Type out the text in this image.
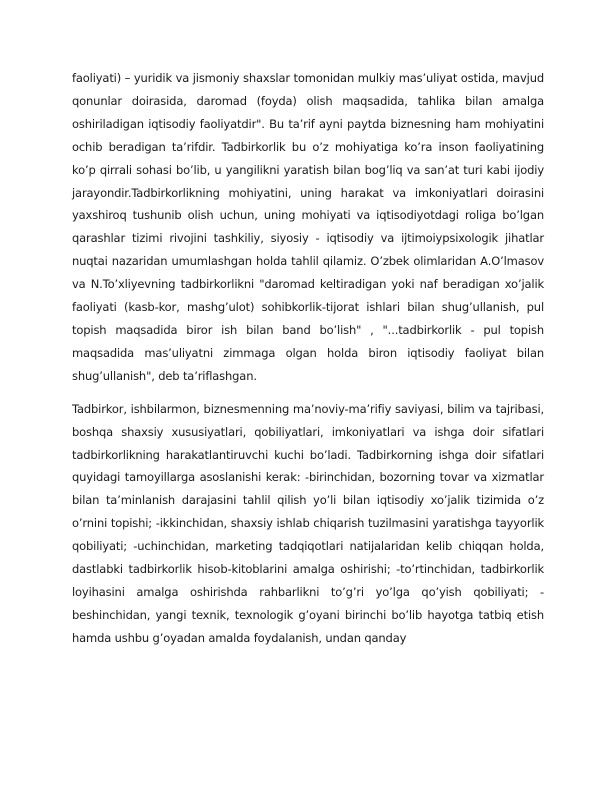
faoliyati) – yuridik va jismoniy shaxslar tomonidan mulkiy mas’uliyat ostida, mavjud qonunlar doirasida, daromad (foyda) olish maqsadida, tahlika bilan amalga oshiriladigan iqtisodiy faoliyatdir". Bu ta’rif ayni paytda biznesning ham mohiyatini ochib beradigan ta’rifdir. Tadbirkorlik bu o’z mohiyatiga ko’ra inson faoliyatining ko’p qirrali sohasi bo’lib, u yangilikni yaratish bilan bog’liq va san’at turi kabi ijodiy jarayondir.Tadbirkorlikning mohiyatini, uning harakat va imkoniyatlari doirasini yaxshiroq tushunib olish uchun, uning mohiyati va iqtisodiyotdagi roliga bo’lgan qarashlar tizimi rivojini tashkiliy, siyosiy - iqtisodiy va ijtimoiypsixologik jihatlar nuqtai nazaridan umumlashgan holda tahlil qilamiz. O’zbek olimlaridan A.O’lmasov va N.To’xliyevning tadbirkorlikni "daromad keltiradigan yoki naf beradigan xo’jalik faoliyati (kasb-kor, mashg’ulot) sohibkorlik-tijorat ishlari bilan shug’ullanish, pul topish maqsadida biror ish bilan band bo’lish" , "...tadbirkorlik - pul topish maqsadida mas’uliyatni zimmaga olgan holda biron iqtisodiy faoliyat bilan shug’ullanish", deb ta’riflashgan.

Tadbirkor, ishbilarmon, biznesmenning ma’noviy-ma’rifiy saviyasi, bilim va tajribasi, boshqa shaxsiy xususiyatlari, qobiliyatlari, imkoniyatlari va ishga doir sifatlari tadbirkorlikning harakatlantiruvchi kuchi bo’ladi. Tadbirkorning ishga doir sifatlari quyidagi tamoyillarga asoslanishi kerak: -birinchidan, bozorning tovar va xizmatlar bilan ta’minlanish darajasini tahlil qilish yo’li bilan iqtisodiy xo’jalik tizimida o’z o’rnini topishi; -ikkinchidan, shaxsiy ishlab chiqarish tuzilmasini yaratishga tayyorlik qobiliyati; -uchinchidan, marketing tadqiqotlari natijalaridan kelib chiqqan holda, dastlabki tadbirkorlik hisob-kitoblarini amalga oshirishi; -to’rtinchidan, tadbirkorlik loyihasini amalga oshirishda rahbarlikni to’g’ri yo’lga qo’yish qobiliyati; -beshinchidan, yangi texnik, texnologik g’oyani birinchi bo’lib hayotga tatbiq etish hamda ushbu g’oyadan amalda foydalanish, undan qanday
